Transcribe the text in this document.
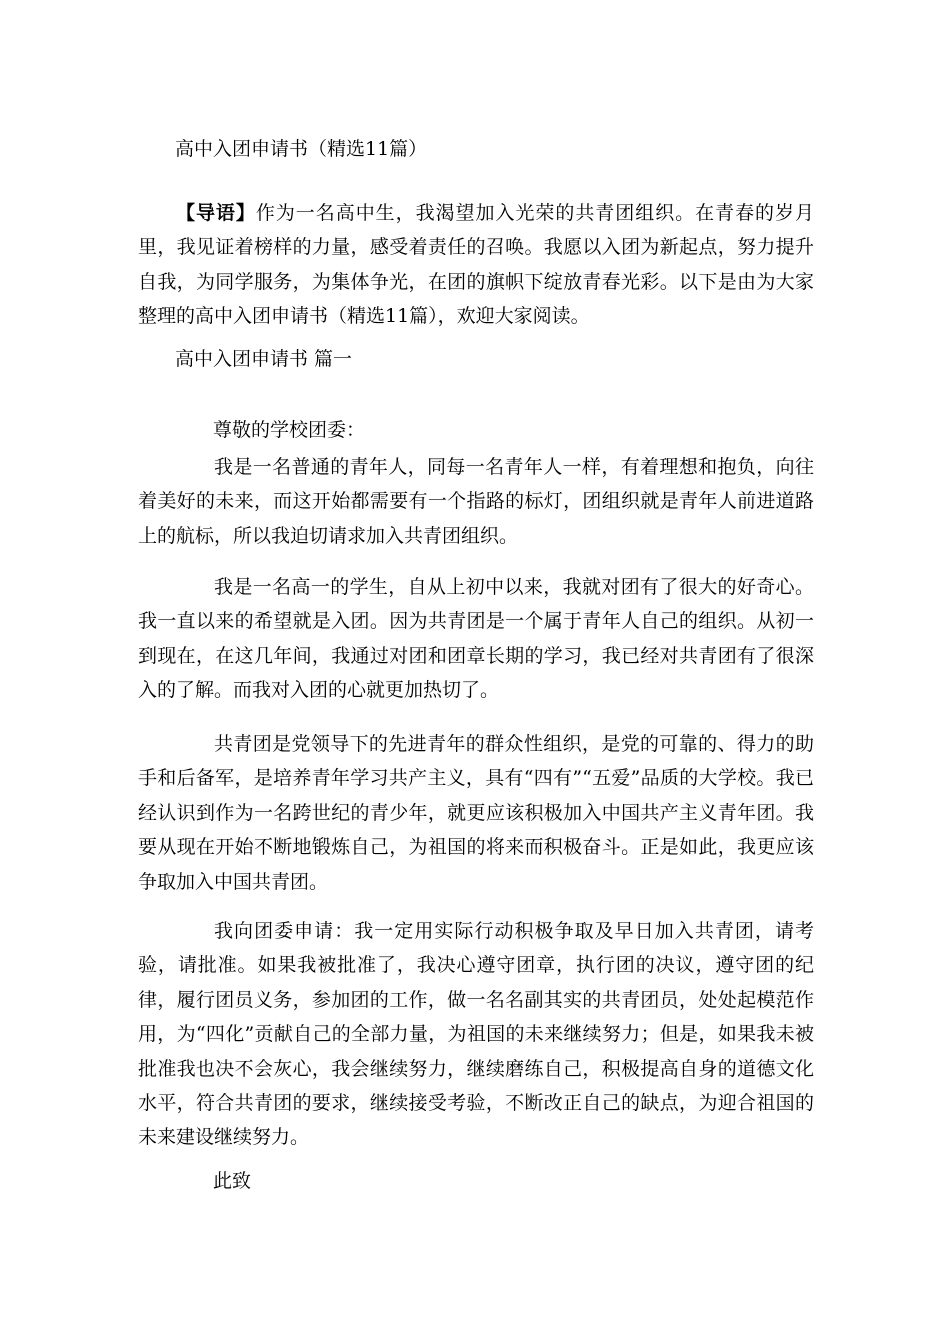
高中入团申请书（精选11篇）

【导语】作为一名高中生，我渴望加入光荣的共青团组织。在青春的岁月里，我见证着榜样的力量，感受着责任的召唤。我愿以入团为新起点，努力提升自我，为同学服务，为集体争光，在团的旗帜下绽放青春光彩。以下是由为大家整理的高中入团申请书（精选11篇），欢迎大家阅读。

高中入团申请书 篇一
尊敬的学校团委：

我是一名普通的青年人，同每一名青年人一样，有着理想和抱负，向往着美好的未来，而这开始都需要有一个指路的标灯，团组织就是青年人前进道路上的航标，所以我迫切请求加入共青团组织。

我是一名高一的学生，自从上初中以来，我就对团有了很大的好奇心。我一直以来的希望就是入团。因为共青团是一个属于青年人自己的组织。从初一到现在，在这几年间，我通过对团和团章长期的学习，我已经对共青团有了很深入的了解。而我对入团的心就更加热切了。

共青团是党领导下的先进青年的群众性组织，是党的可靠的、得力的助手和后备军，是培养青年学习共产主义，具有“四有”“五爱”品质的大学校。我已经认识到作为一名跨世纪的青少年，就更应该积极加入中国共产主义青年团。我要从现在开始不断地锻炼自己，为祖国的将来而积极奋斗。正是如此，我更应该争取加入中国共青团。

我向团委申请：我一定用实际行动积极争取及早日加入共青团，请考验，请批准。如果我被批准了，我决心遵守团章，执行团的决议，遵守团的纪律，履行团员义务，参加团的工作，做一名名副其实的共青团员，处处起模范作用，为“四化”贡献自己的全部力量，为祖国的未来继续努力；但是，如果我未被批准我也决不会灰心，我会继续努力，继续磨练自己，积极提高自身的道德文化水平，符合共青团的要求，继续接受考验，不断改正自己的缺点，为迎合祖国的未来建设继续努力。

此致
